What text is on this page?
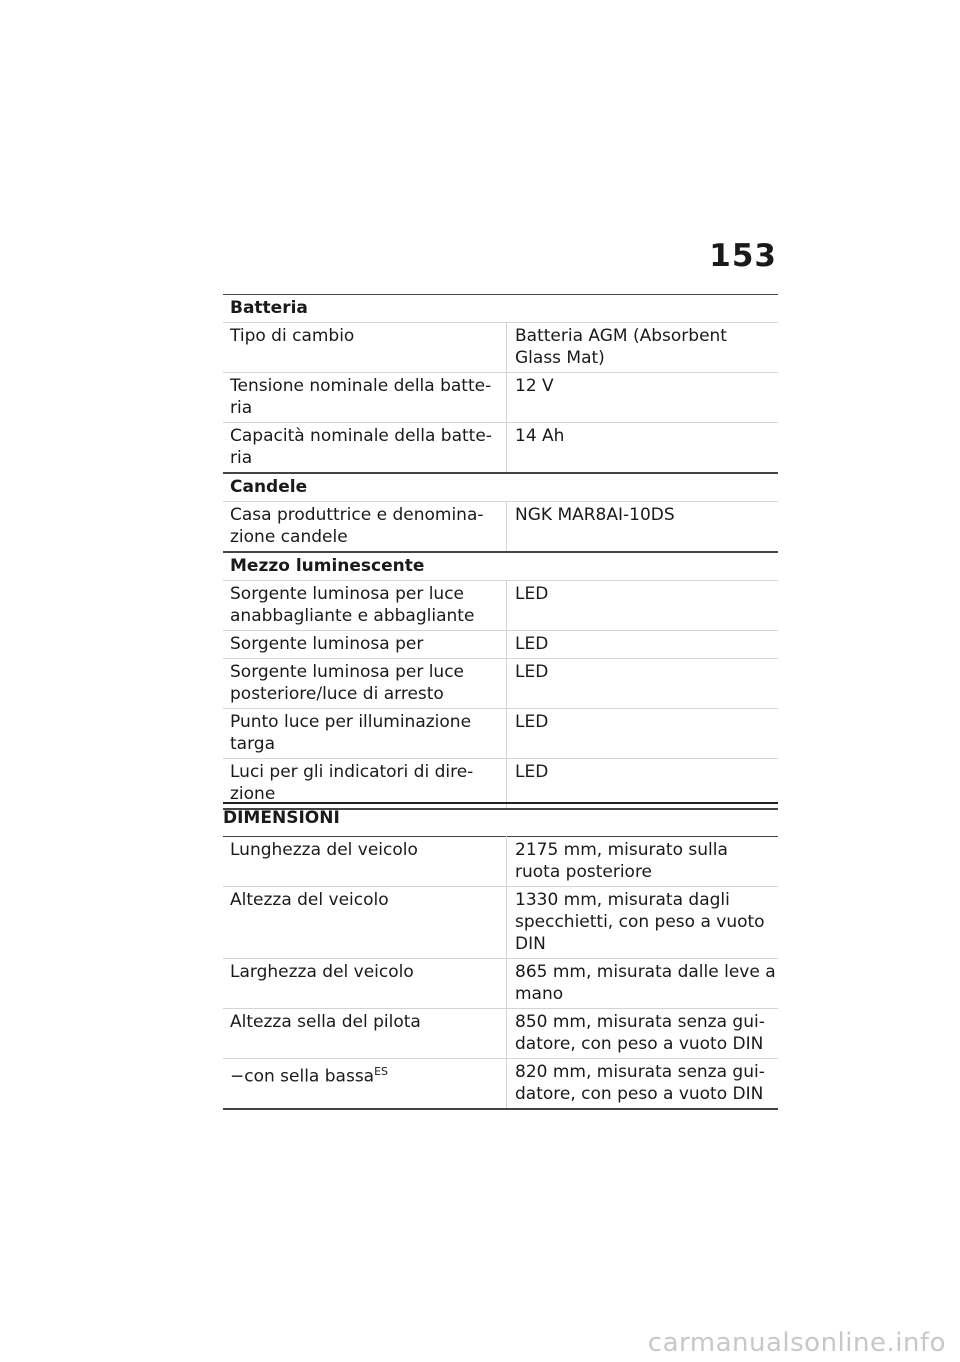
153
Batteria	
Tipo di cambio	Batteria AGM (Absorbent Glass Mat)
Tensione nominale della batte-ria	12 V
Capacità nominale della batte-ria	14 Ah
Candele	
Casa produttrice e denomina-zione candele	NGK MAR8AI-10DS
Mezzo luminescente	
Sorgente luminosa per luce anabbagliante e abbagliante	LED
Sorgente luminosa per	LED
Sorgente luminosa per luce posteriore/luce di arresto	LED
Punto luce per illuminazione targa	LED
Luci per gli indicatori di dire-zione	LED
DIMENSIONI
Lunghezza del veicolo	2175 mm, misurato sulla ruota posteriore
Altezza del veicolo	1330 mm, misurata dagli specchietti, con peso a vuoto DIN
Larghezza del veicolo	865 mm, misurata dalle leve a mano
Altezza sella del pilota	850 mm, misurata senza gui-datore, con peso a vuoto DIN
−con sella bassa$^{ES}$	820 mm, misurata senza gui-datore, con peso a vuoto DIN
carmanualsonline.info
